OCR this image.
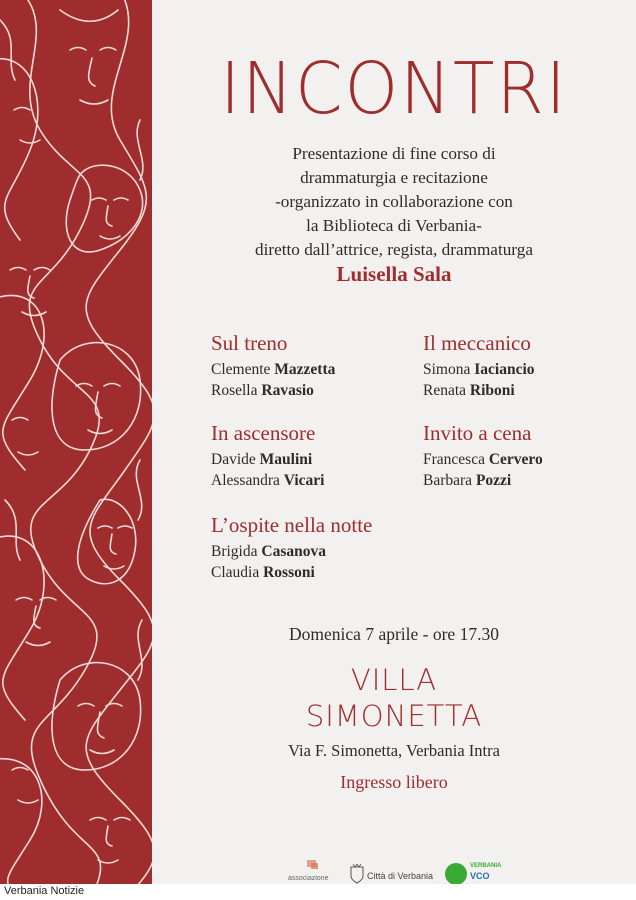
INCONTRI
Presentazione di fine corso di
drammaturgia e recitazione
-organizzato in collaborazione con
la Biblioteca di Verbania-
diretto dall’attrice, regista, drammaturga
Luisella Sala
Sul treno
Clemente Mazzetta
Rosella Ravasio
Il meccanico
Simona Iaciancio
Renata Riboni
In ascensore
Davide Maulini
Alessandra Vicari
Invito a cena
Francesca Cervero
Barbara Pozzi
L’ospite nella notte
Brigida Casanova
Claudia Rossoni
Domenica 7 aprile - ore 17.30
VILLA
SIMONETTA
Via F. Simonetta, Verbania Intra
Ingresso libero
associazione	Città di Verbania
VERBANIA
VCO
Verbania Notizie
